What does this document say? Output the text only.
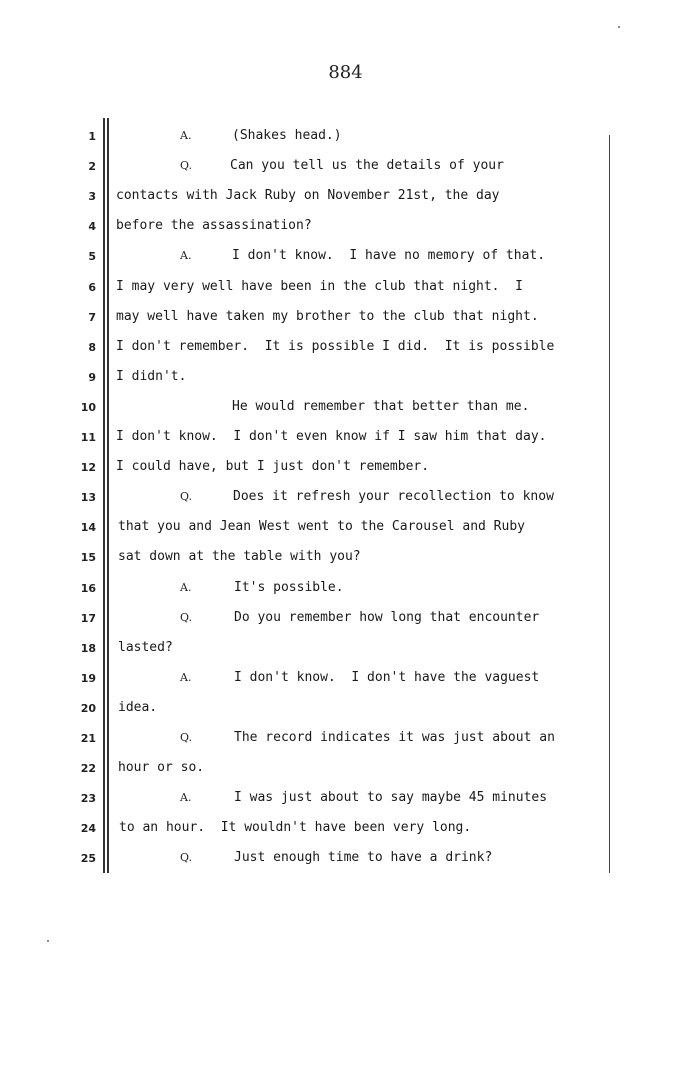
884
1	A.	(Shakes head.)
2	Q.	Can you tell us the details of your
3 contacts with Jack Ruby on November 21st, the day
4 before the assassination?
5	A.	I don't know.  I have no memory of that.
6 I may very well have been in the club that night.  I
7 may well have taken my brother to the club that night.
8 I don't remember.  It is possible I did.  It is possible
9 I didn't.
10	He would remember that better than me.
11 I don't know.  I don't even know if I saw him that day.
12 I could have, but I just don't remember.
13	Q.	Does it refresh your recollection to know
14 that you and Jean West went to the Carousel and Ruby
15 sat down at the table with you?
16	A.	It's possible.
17	Q.	Do you remember how long that encounter
18 lasted?
19	A.	I don't know.  I don't have the vaguest
20 idea.
21	Q.	The record indicates it was just about an
22 hour or so.
23	A.	I was just about to say maybe 45 minutes
24 to an hour.  It wouldn't have been very long.
25	Q.	Just enough time to have a drink?
